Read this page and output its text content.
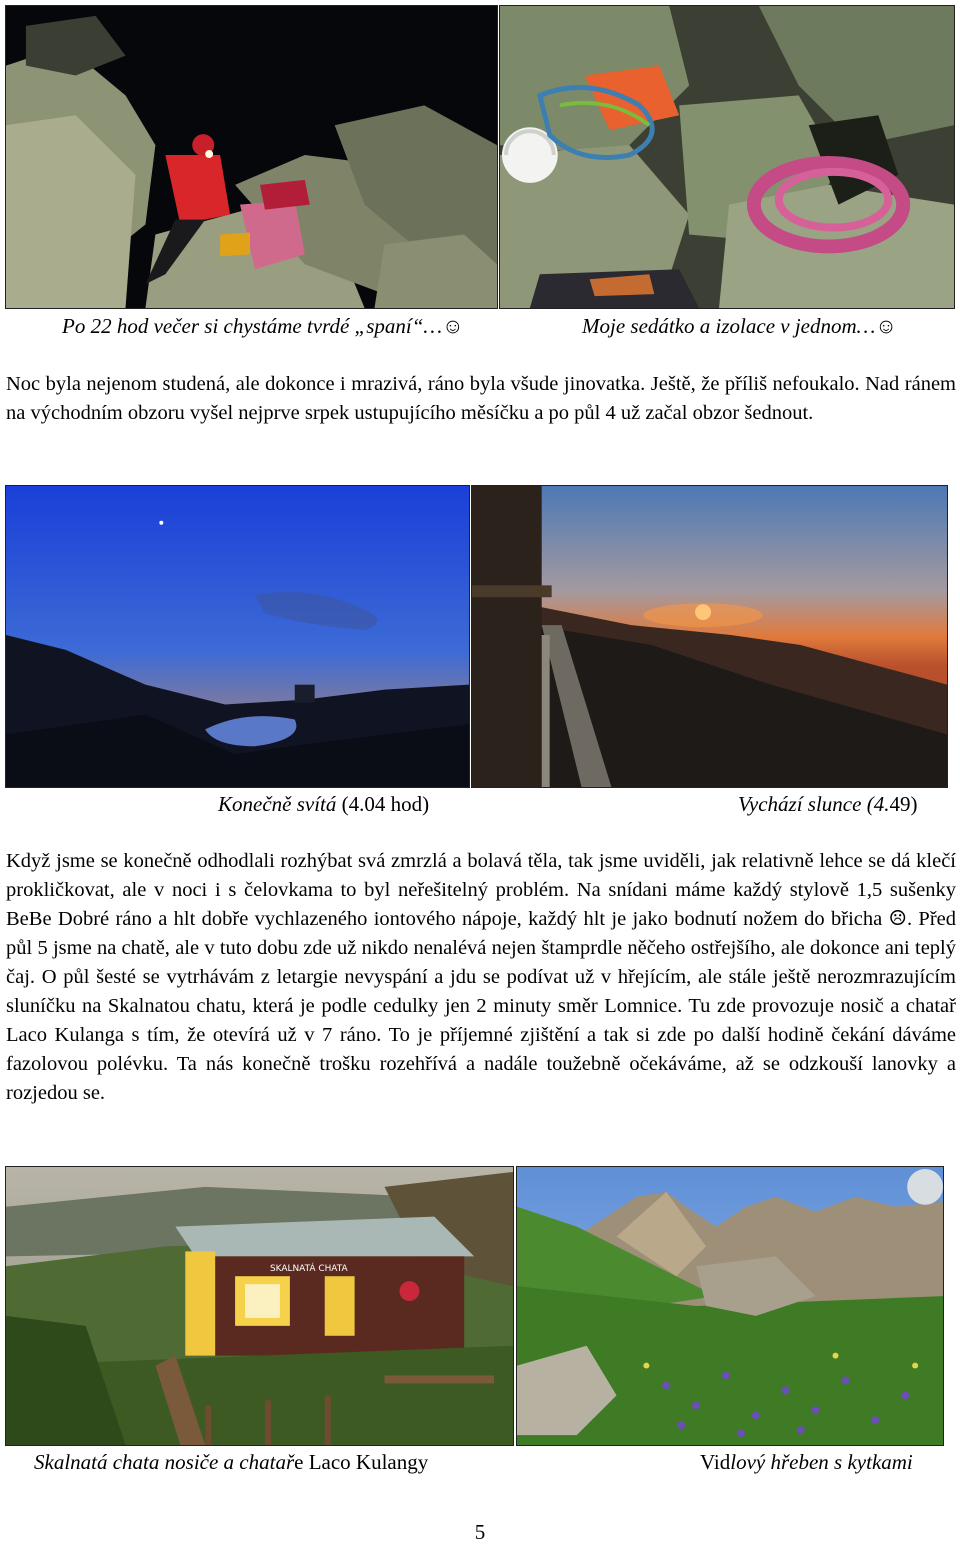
Po 22 hod večer si chystáme tvrdé „spaní“…☺	Moje sedátko a izolace v jednom…☺
Noc byla nejenom studená, ale dokonce i mrazivá, ráno byla všude jinovatka. Ještě, že příliš nefoukalo. Nad ránem na východním obzoru vyšel nejprve srpek ustupujícího měsíčku a po půl 4 už začal obzor šednout.
Konečně svítá (4.04 hod)	Vychází slunce (4.49)
Když jsme se konečně odhodlali rozhýbat svá zmrzlá a bolavá těla, tak jsme uviděli, jak relativně lehce se dá klečí prokličkovat, ale v noci i s čelovkama to byl neřešitelný problém. Na snídani máme každý stylově 1,5 sušenky BeBe Dobré ráno a hlt dobře vychlazeného iontového nápoje, každý hlt je jako bodnutí nožem do břicha ☹. Před půl 5 jsme na chatě, ale v tuto dobu zde už nikdo nenalévá nejen štamprdle něčeho ostřejšího, ale dokonce ani teplý čaj. O půl šesté se vytrhávám z letargie nevyspání a jdu se podívat už v hřejícím, ale stále ještě nerozmrazujícím sluníčku na Skalnatou chatu, která je podle cedulky jen 2 minuty směr Lomnice. Tu zde provozuje nosič a chatař Laco Kulanga s tím, že otevírá už v 7 ráno. To je příjemné zjištění a tak si zde po další hodině čekání dáváme fazolovou polévku. Ta nás konečně trošku rozehřívá a nadále toužebně očekáváme, až se odzkouší lanovky a rozjedou se.
SKALNATÁ CHATA
Skalnatá chata nosiče a chataře Laco Kulangy	Vidlový hřeben s kytkami
5
